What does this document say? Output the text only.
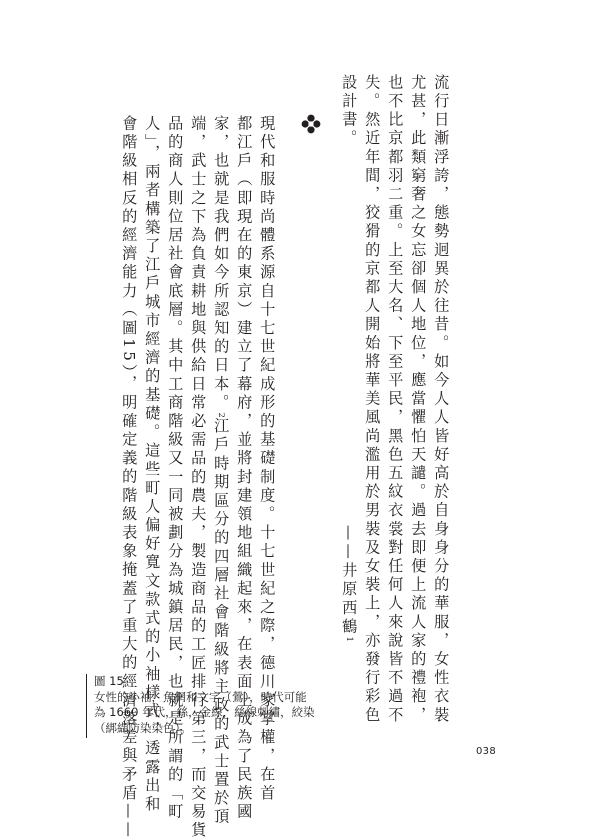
流行日漸浮誇，態勢迥異於往昔。如今人人皆好高於自身身分的華服，女性衣裝
尤甚，此類窮奢之女忘卻個人地位，應當懼怕天譴。過去即便上流人家的禮袍，
也不比京都羽二重。上至大名、下至平民，黑色五紋衣裳對任何人來說皆不過不
失。然近年間，狡猾的京都人開始將華美風尚濫用於男裝及女裝上，亦發行彩色
設計書。
——井原西鶴1
現代和服時尚體系源自十七世紀成形的基礎制度。十七世紀之際，德川家掌權，在首
都江戶（即現在的東京）建立了幕府，並將封建領地組織起來，在表面上成為了民族國
家，也就是我們如今所認知的日本。2江戶時期區分的四層社會階級將主政的武士置於頂
端，武士之下為負責耕地與供給日常必需品的農夫，製造商品的工匠排行第三，而交易貨
品的商人則位居社會底層。其中工商階級又一同被劃分為城鎮居民，也就是所謂的「町
人」，兩者構築了江戶城市經濟的基礎。這些町人偏好寬文款式的小袖樣式，透露出和
會階級相反的經濟能力（圖15），明確定義的階級表象掩蓋了重大的經濟落差與矛盾——
圖 15
女性的小袖，魚網和文字（鶯），時代可能
為 1660 年代，絲，金線，絲線刺繡，絞染
（綁纈防染染色）。
038
